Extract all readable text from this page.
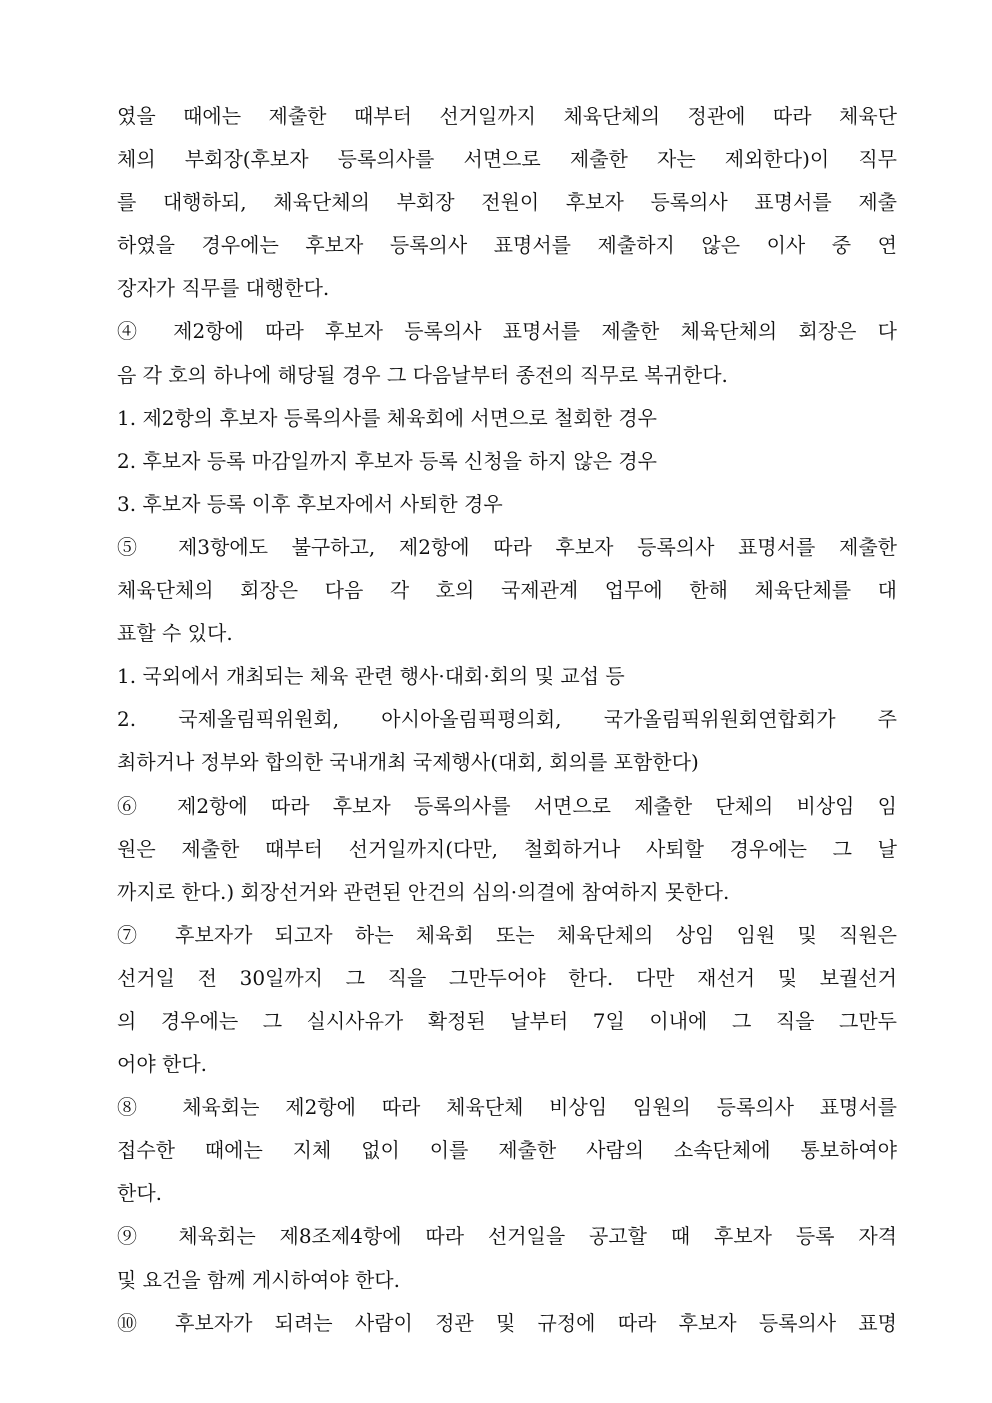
였을 때에는 제출한 때부터 선거일까지 체육단체의 정관에 따라 체육단
체의 부회장(후보자 등록의사를 서면으로 제출한 자는 제외한다)이 직무
를 대행하되, 체육단체의 부회장 전원이 후보자 등록의사 표명서를 제출
하였을 경우에는 후보자 등록의사 표명서를 제출하지 않은 이사 중 연
장자가 직무를 대행한다.
④ 제2항에 따라 후보자 등록의사 표명서를 제출한 체육단체의 회장은 다
음 각 호의 하나에 해당될 경우 그 다음날부터 종전의 직무로 복귀한다.
1. 제2항의 후보자 등록의사를 체육회에 서면으로 철회한 경우
2. 후보자 등록 마감일까지 후보자 등록 신청을 하지 않은 경우
3. 후보자 등록 이후 후보자에서 사퇴한 경우
⑤ 제3항에도 불구하고, 제2항에 따라 후보자 등록의사 표명서를 제출한
체육단체의 회장은 다음 각 호의 국제관계 업무에 한해 체육단체를 대
표할 수 있다.
1. 국외에서 개최되는 체육 관련 행사·대회·회의 및 교섭 등
2. 국제올림픽위원회, 아시아올림픽평의회, 국가올림픽위원회연합회가 주
최하거나 정부와 합의한 국내개최 국제행사(대회, 회의를 포함한다)
⑥ 제2항에 따라 후보자 등록의사를 서면으로 제출한 단체의 비상임 임
원은 제출한 때부터 선거일까지(다만, 철회하거나 사퇴할 경우에는 그 날
까지로 한다.) 회장선거와 관련된 안건의 심의·의결에 참여하지 못한다.
⑦ 후보자가 되고자 하는 체육회 또는 체육단체의 상임 임원 및 직원은
선거일 전 30일까지 그 직을 그만두어야 한다. 다만 재선거 및 보궐선거
의 경우에는 그 실시사유가 확정된 날부터 7일 이내에 그 직을 그만두
어야 한다.
⑧ 체육회는 제2항에 따라 체육단체 비상임 임원의 등록의사 표명서를
접수한 때에는 지체 없이 이를 제출한 사람의 소속단체에 통보하여야
한다.
⑨ 체육회는 제8조제4항에 따라 선거일을 공고할 때 후보자 등록 자격
및 요건을 함께 게시하여야 한다.
⑩ 후보자가 되려는 사람이 정관 및 규정에 따라 후보자 등록의사 표명
